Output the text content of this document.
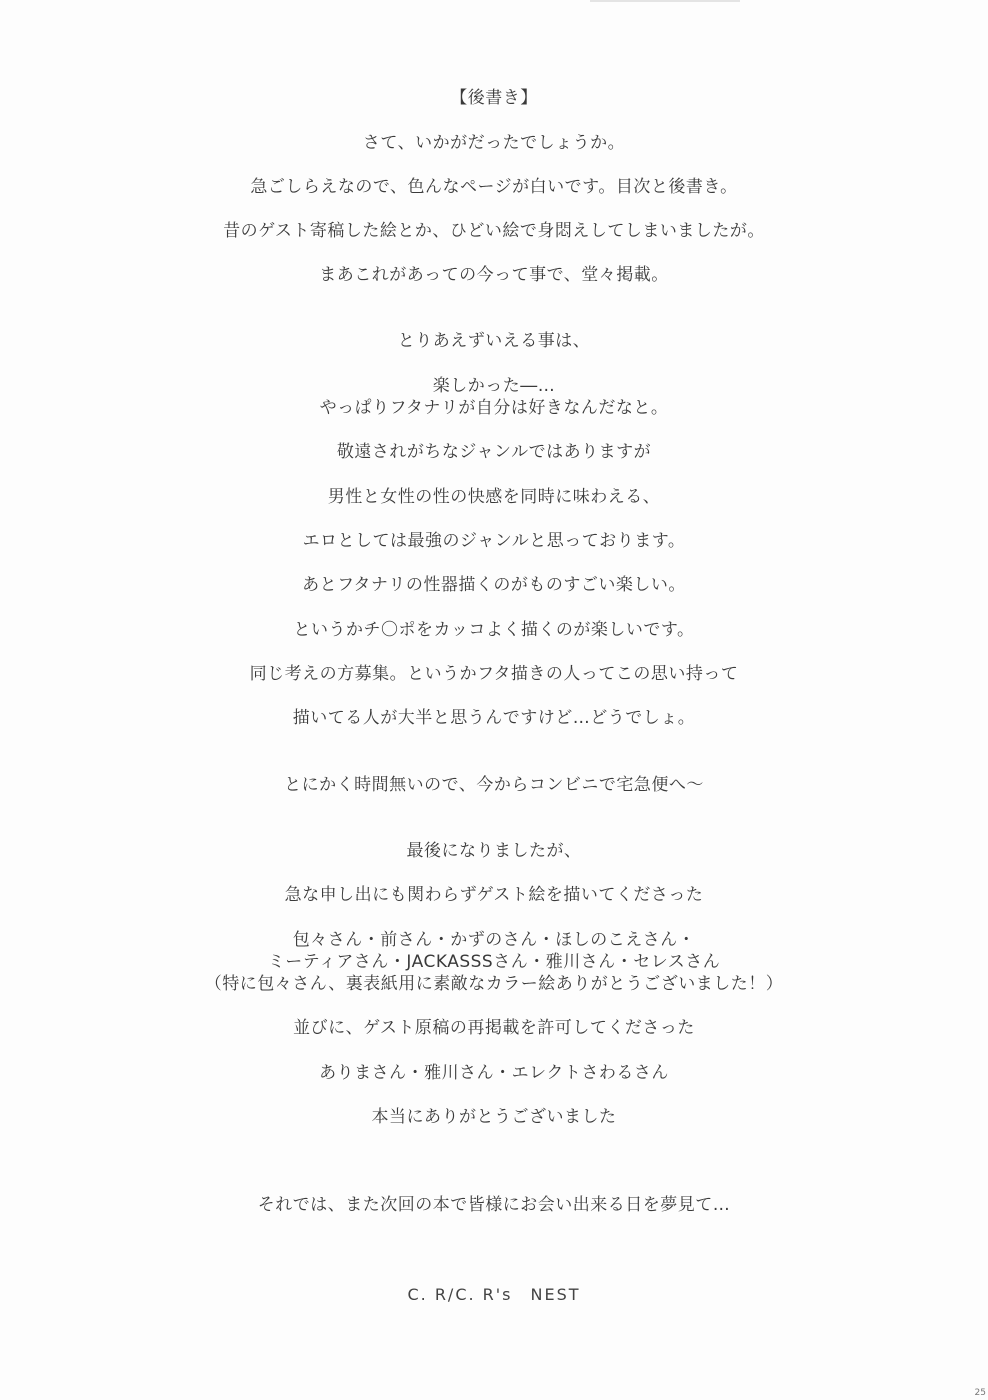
【後書き】
さて、いかがだったでしょうか。
急ごしらえなので、色んなページが白いです。目次と後書き。
昔のゲスト寄稿した絵とか、ひどい絵で身悶えしてしまいましたが。
まあこれがあっての今って事で、堂々掲載。
とりあえずいえる事は、
楽しかった―…
やっぱりフタナリが自分は好きなんだなと。
敬遠されがちなジャンルではありますが
男性と女性の性の快感を同時に味わえる、
エロとしては最強のジャンルと思っております。
あとフタナリの性器描くのがものすごい楽しい。
というかチ〇ポをカッコよく描くのが楽しいです。
同じ考えの方募集。というかフタ描きの人ってこの思い持って
描いてる人が大半と思うんですけど…どうでしょ。
とにかく時間無いので、今からコンビニで宅急便へ～
最後になりましたが、
急な申し出にも関わらずゲスト絵を描いてくださった
包々さん・前さん・かずのさん・ほしのこえさん・
ミーティアさん・JACKASSSさん・雅川さん・セレスさん
（特に包々さん、裏表紙用に素敵なカラー絵ありがとうございました！）
並びに、ゲスト原稿の再掲載を許可してくださった
ありまさん・雅川さん・エレクトさわるさん
本当にありがとうございました
それでは、また次回の本で皆様にお会い出来る日を夢見て…
C. R/C. R's　NEST
25
